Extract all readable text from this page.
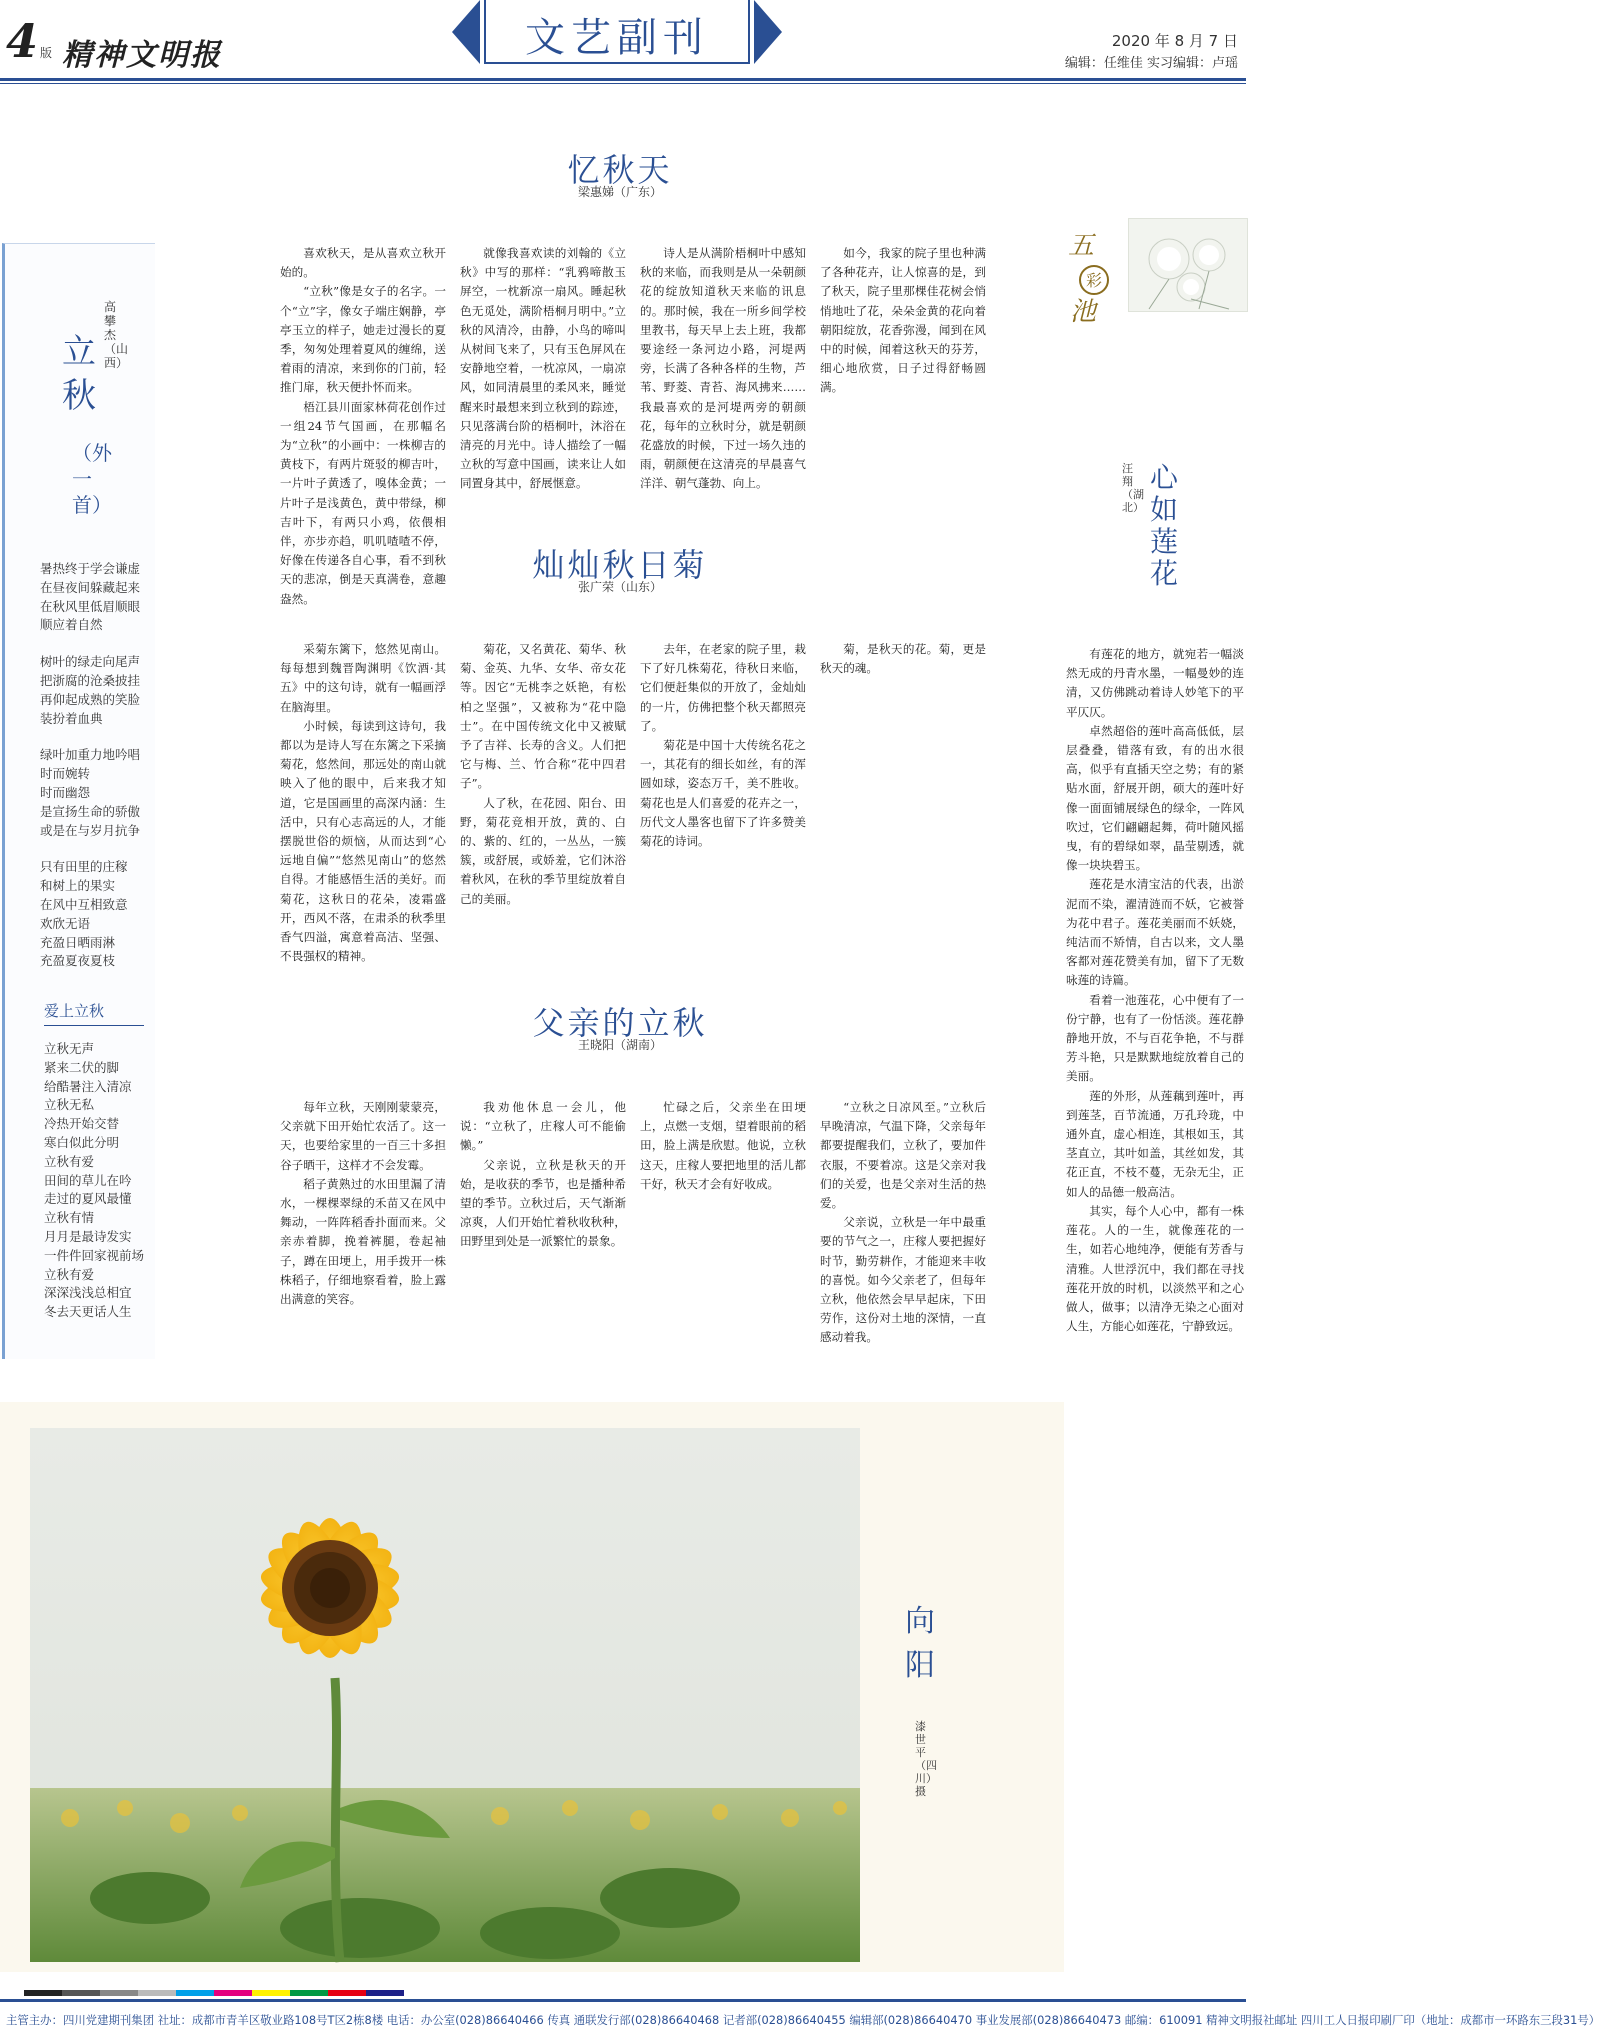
4 版 精神文明报	文艺副刊	2020 年 8 月 7 日
编辑：任维佳 实习编辑：卢瑶
忆秋天
梁惠娣（广东）

喜欢秋天，是从喜欢立秋开始的。

“立秋”像是女子的名字。一个“立”字，像女子端庄娴静，亭亭玉立的样子，她走过漫长的夏季，匆匆处理着夏风的缠绵，送着雨的清凉，来到你的门前，轻推门扉，秋天便扑怀而来。

梧江县川面家林荷花创作过一组24节气国画，在那幅名为“立秋”的小画中：一株柳吉的黄枝下，有两片斑驳的柳吉叶，一片叶子黄透了，嗅体金黄；一片叶子是浅黄色，黄中带绿，柳吉叶下，有两只小鸡，依偎相伴，亦步亦趋，叽叽喳喳不停，好像在传递各自心事，看不到秋天的悲凉，倒是天真满卷，意趣盎然。

就像我喜欢读的刘翰的《立秋》中写的那样：“乳鸦啼散玉屏空，一枕新凉一扇风。睡起秋色无觅处，满阶梧桐月明中。”立秋的风清冷，由静，小鸟的啼叫从树间飞来了，只有玉色屏风在安静地空着，一枕凉风，一扇凉风，如同清晨里的柔风来，睡觉醒来时最想来到立秋到的踪迹，只见落满台阶的梧桐叶，沐浴在清亮的月光中。诗人描绘了一幅立秋的写意中国画，读来让人如同置身其中，舒展惬意。

诗人是从满阶梧桐叶中感知秋的来临，而我则是从一朵朝颜花的绽放知道秋天来临的讯息的。那时候，我在一所乡间学校里教书，每天早上去上班，我都要途经一条河边小路，河堤两旁，长满了各种各样的生物，芦苇、野菱、青苔、海风拂来……我最喜欢的是河堤两旁的朝颜花，每年的立秋时分，就是朝颜花盛放的时候，下过一场久违的雨，朝颜便在这清亮的早晨喜气洋洋、朝气蓬勃、向上。

如今，我家的院子里也种满了各种花卉，让人惊喜的是，到了秋天，院子里那棵佳花树会悄悄地吐了花，朵朵金黄的花向着朝阳绽放，花香弥漫，闻到在风中的时候，闻着这秋天的芬芳，细心地欣赏，日子过得舒畅圆满。

灿灿秋日菊
张广荣（山东）

采菊东篱下，悠然见南山。每每想到魏晋陶渊明《饮酒·其五》中的这句诗，就有一幅画浮在脑海里。

小时候，每读到这诗句，我都以为是诗人写在东篱之下采摘菊花，悠然间，那远处的南山就映入了他的眼中，后来我才知道，它是国画里的高深内涵：生活中，只有心志高远的人，才能摆脱世俗的烦恼，从而达到“心远地自偏”“悠然见南山”的悠然自得。才能感悟生活的美好。而菊花，这秋日的花朵，凌霜盛开，西风不落，在肃杀的秋季里香气四溢，寓意着高洁、坚强、不畏强权的精神。

菊花，又名黄花、菊华、秋菊、金英、九华、女华、帝女花等。因它“无桃李之妖艳，有松柏之坚强”，又被称为“花中隐士”。在中国传统文化中又被赋予了吉祥、长寿的含义。人们把它与梅、兰、竹合称“花中四君子”。

人了秋，在花园、阳台、田野，菊花竞相开放，黄的、白的、紫的、红的，一丛丛，一簇簇，或舒展，或娇羞，它们沐浴着秋风，在秋的季节里绽放着自己的美丽。

去年，在老家的院子里，栽下了好几株菊花，待秋日来临，它们便赶集似的开放了，金灿灿的一片，仿佛把整个秋天都照亮了。

菊花是中国十大传统名花之一，其花有的细长如丝，有的浑圆如球，姿态万千，美不胜收。菊花也是人们喜爱的花卉之一，历代文人墨客也留下了许多赞美菊花的诗词。

菊，是秋天的花。菊，更是秋天的魂。

父亲的立秋
王晓阳（湖南）

每年立秋，天刚刚蒙蒙亮，父亲就下田开始忙农活了。这一天，也要给家里的一百三十多担谷子晒干，这样才不会发霉。

稻子黄熟过的水田里漏了清水，一棵棵翠绿的禾苗又在风中舞动，一阵阵稻香扑面而来。父亲赤着脚，挽着裤腿，卷起袖子，蹲在田埂上，用手拨开一株株稻子，仔细地察看着，脸上露出满意的笑容。

我劝他休息一会儿，他说：“立秋了，庄稼人可不能偷懒。”

父亲说，立秋是秋天的开始，是收获的季节，也是播种希望的季节。立秋过后，天气渐渐凉爽，人们开始忙着秋收秋种，田野里到处是一派繁忙的景象。

忙碌之后，父亲坐在田埂上，点燃一支烟，望着眼前的稻田，脸上满是欣慰。他说，立秋这天，庄稼人要把地里的活儿都干好，秋天才会有好收成。

“立秋之日凉风至。”立秋后早晚清凉，气温下降，父亲每年都要提醒我们，立秋了，要加件衣服，不要着凉。这是父亲对我们的关爱，也是父亲对生活的热爱。

父亲说，立秋是一年中最重要的节气之一，庄稼人要把握好时节，勤劳耕作，才能迎来丰收的喜悦。如今父亲老了，但每年立秋，他依然会早早起床，下田劳作，这份对土地的深情，一直感动着我。

立秋
（外一首）
高攀杰（山西）
暑热终于学会谦虚
在昼夜间躲藏起来
在秋风里低眉顺眼
顺应着自然
树叶的绿走向尾声
把浙腐的沧桑披挂
再仰起成熟的笑脸
装扮着血典
绿叶加重力地吟唱
时而婉转
时而幽怨
是宣扬生命的骄傲
或是在与岁月抗争
只有田里的庄稼
和树上的果实
在风中互相致意
欢欣无语
充盈日晒雨淋
充盈夏夜夏枝
爱上立秋
立秋无声
紧来二伏的脚
给酷暑注入清凉
立秋无私
冷热开始交替
寒白似此分明
立秋有爱
田间的草儿在吟
走过的夏风最懂
立秋有情
月月是最诗发实
一件件回家视前场
立秋有爱
深深浅浅总相宜
冬去天更话人生
五
彩
池
心如莲花
汪翔（湖北）

有莲花的地方，就宛若一幅淡然无成的丹青水墨，一幅曼妙的连清，又仿佛跳动着诗人妙笔下的平平仄仄。

卓然超俗的莲叶高高低低，层层叠叠，错落有致，有的出水很高，似乎有直插天空之势；有的紧贴水面，舒展开朗，硕大的莲叶好像一面面铺展绿色的绿伞，一阵风吹过，它们翩翩起舞，荷叶随风摇曳，有的碧绿如翠，晶莹剔透，就像一块块碧玉。

莲花是水清宝洁的代表，出淤泥而不染，濯清涟而不妖，它被誉为花中君子。莲花美丽而不妖娆，纯洁而不矫情，自古以来，文人墨客都对莲花赞美有加，留下了无数咏莲的诗篇。

看着一池莲花，心中便有了一份宁静，也有了一份恬淡。莲花静静地开放，不与百花争艳，不与群芳斗艳，只是默默地绽放着自己的美丽。

莲的外形，从莲藕到莲叶，再到莲茎，百节流通，万孔玲珑，中通外直，虚心相连，其根如玉，其茎直立，其叶如盖，其丝如发，其花正直，不枝不蔓，无杂无尘，正如人的品德一般高洁。

其实，每个人心中，都有一株莲花。人的一生，就像莲花的一生，如若心地纯净，便能有芳香与清雅。人世浮沉中，我们都在寻找莲花开放的时机，以淡然平和之心做人，做事；以清净无染之心面对人生，方能心如莲花，宁静致远。

向阳
漆世平（四川）摄
主管主办：四川党建期刊集团 社址：成都市青羊区敬业路108号T区2栋8楼 电话：办公室(028)86640466 传真 通联发行部(028)86640468 记者部(028)86640455 编辑部(028)86640470 事业发展部(028)86640473 邮编：610091 精神文明报社邮址 四川工人日报印刷厂印（地址：成都市一环路东三段31号）
